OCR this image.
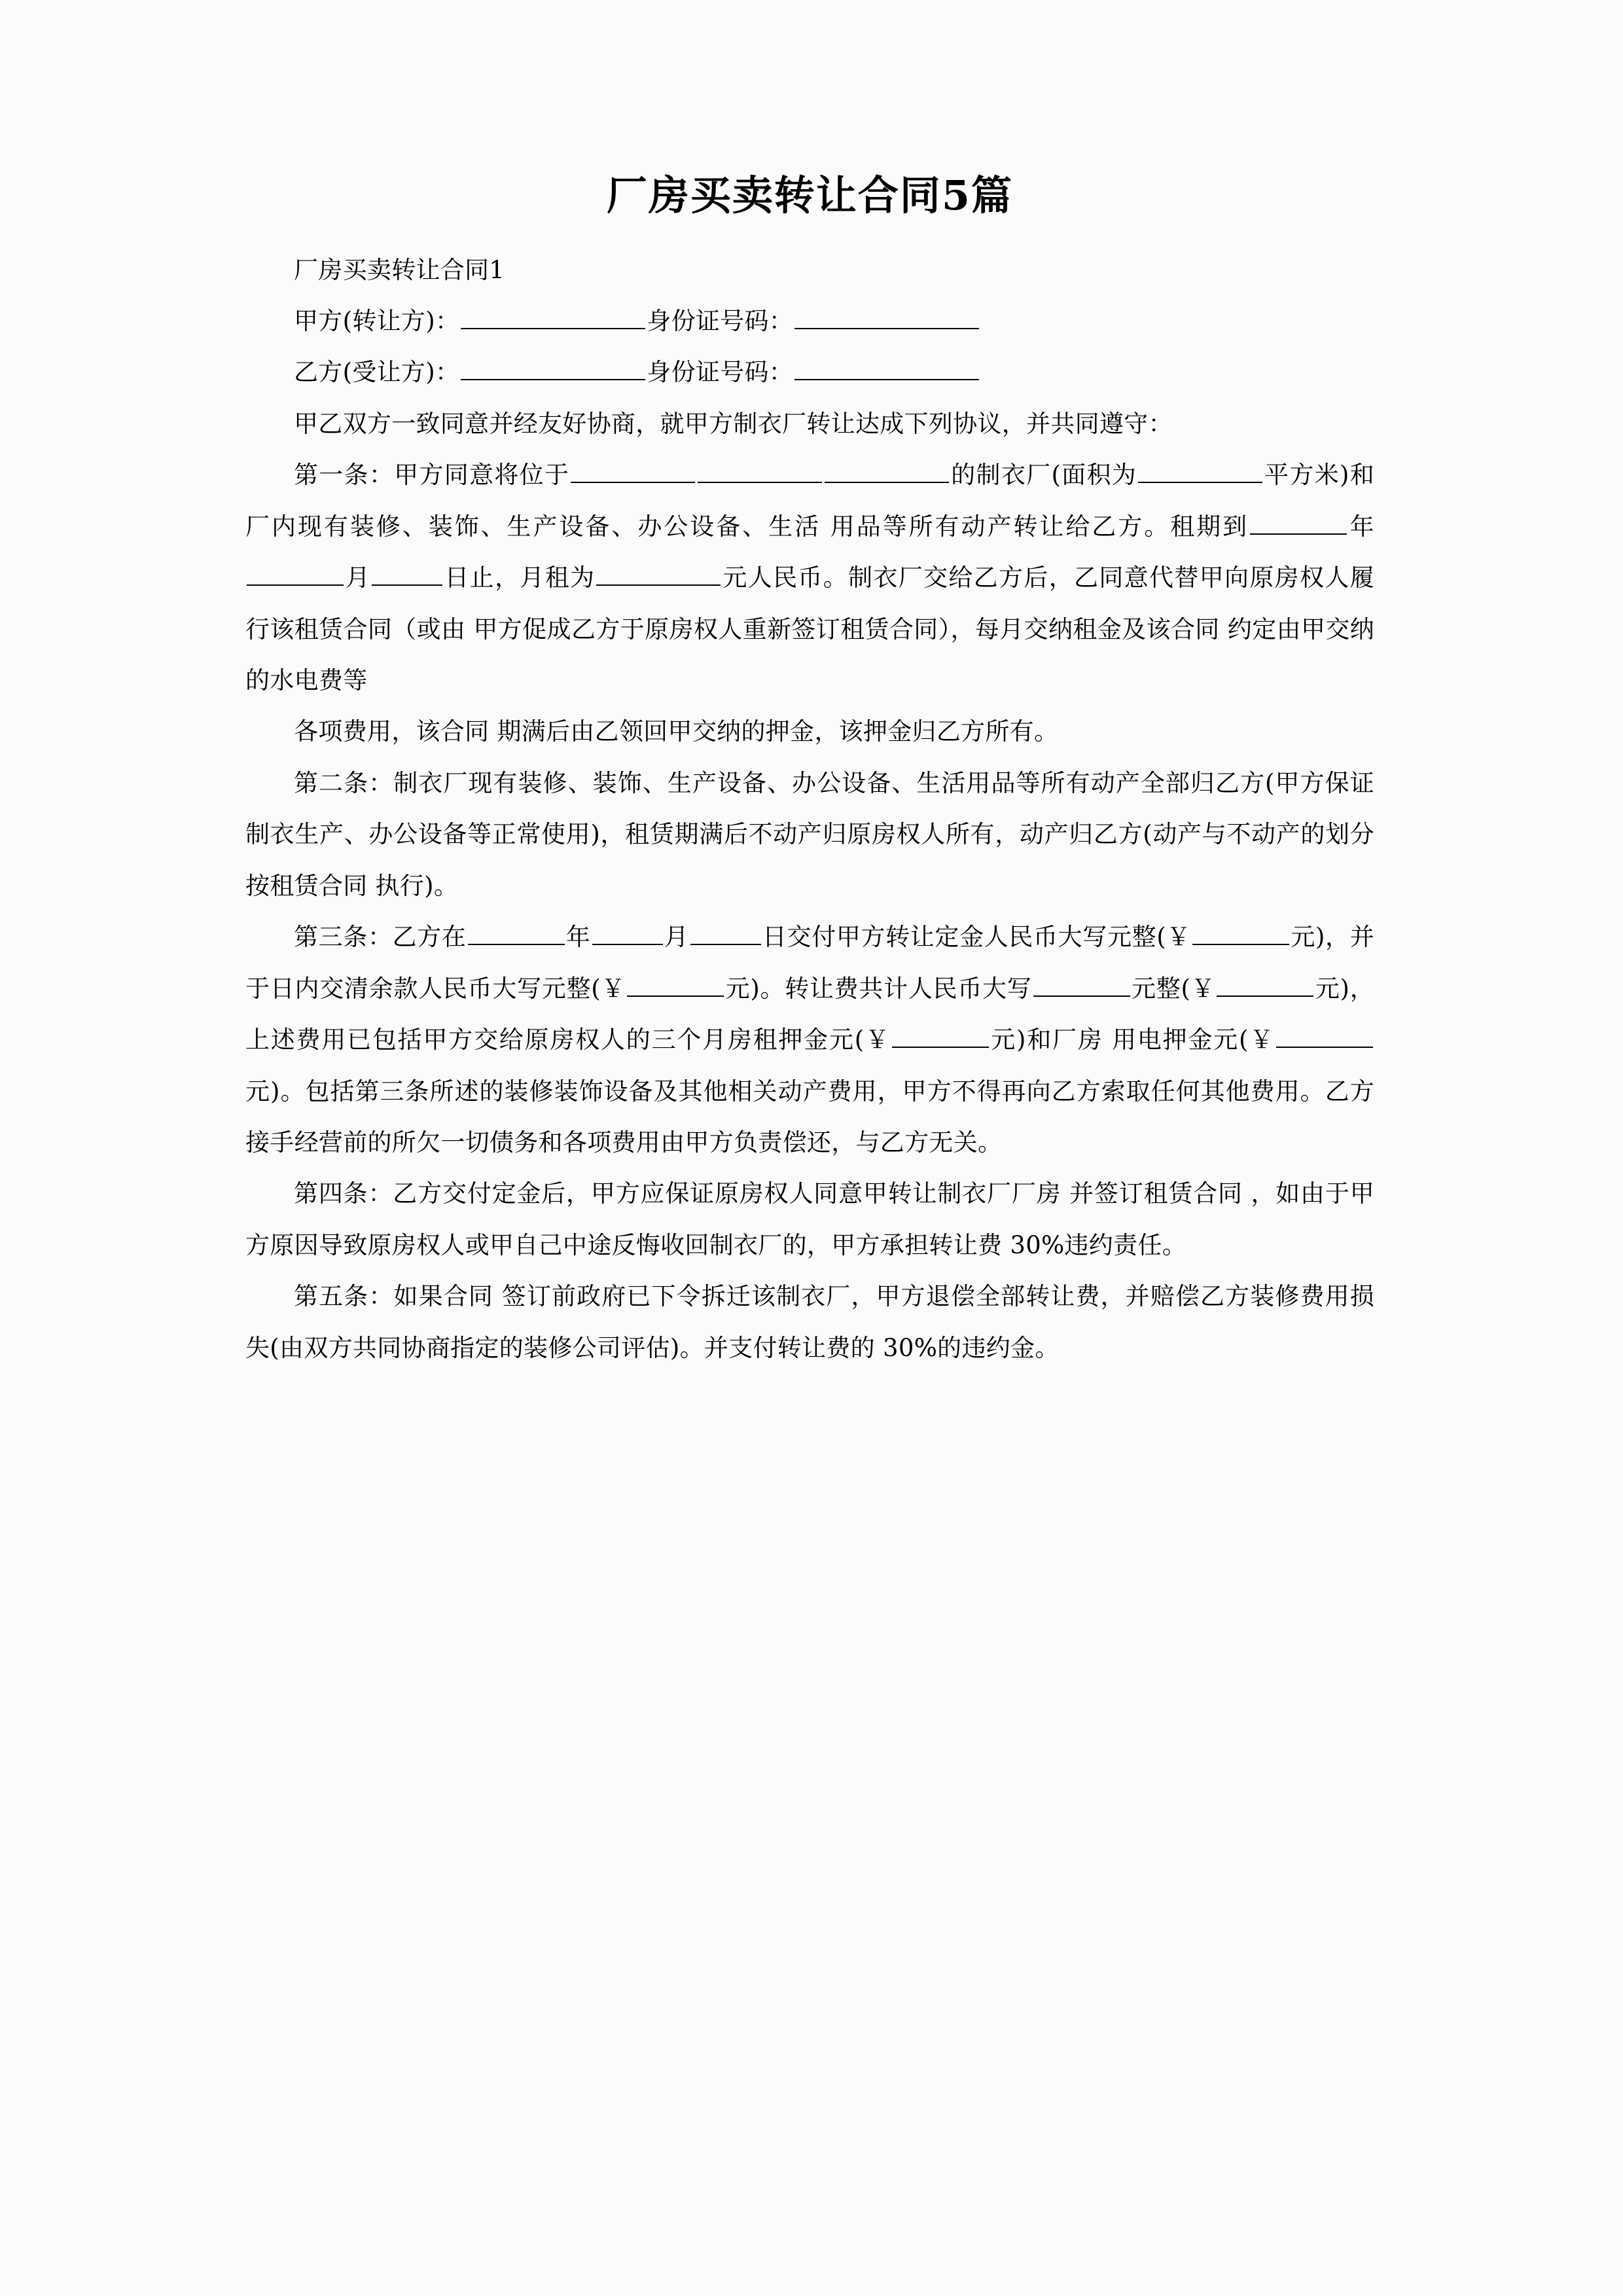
厂房买卖转让合同5篇

厂房买卖转让合同1

甲方(转让方)：	身份证号码：

乙方(受让方)：	身份证号码：

甲乙双方一致同意并经友好协商，就甲方制衣厂转让达成下列协议，并共同遵守：

第一条：甲方同意将位于	的制衣厂(面积为	平方米)和厂内现有装修、装饰、生产设备、办公设备、生活 用品等所有动产转让给乙方。租期到	年月	日止，月租为	元人民币。制衣厂交给乙方后，乙同意代替甲向原房权人履行该租赁合同（或由 甲方促成乙方于原房权人重新签订租赁合同），每月交纳租金及该合同 约定由甲交纳的水电费等

各项费用，该合同 期满后由乙领回甲交纳的押金，该押金归乙方所有。

第二条：制衣厂现有装修、装饰、生产设备、办公设备、生活用品等所有动产全部归乙方(甲方保证制衣生产、办公设备等正常使用)，租赁期满后不动产归原房权人所有，动产归乙方(动产与不动产的划分按租赁合同 执行)。

第三条：乙方在	年	月	日交付甲方转让定金人民币大写元整(￥	元)，并于日内交清余款人民币大写元整(￥	元)。转让费共计人民币大写	元整(￥	元)，上述费用已包括甲方交给原房权人的三个月房租押金元(￥	元)和厂房 用电押金元(￥元)。包括第三条所述的装修装饰设备及其他相关动产费用，甲方不得再向乙方索取任何其他费用。乙方接手经营前的所欠一切债务和各项费用由甲方负责偿还，与乙方无关。

第四条：乙方交付定金后，甲方应保证原房权人同意甲转让制衣厂厂房 并签订租赁合同 ，如由于甲方原因导致原房权人或甲自己中途反悔收回制衣厂的，甲方承担转让费 30%违约责任。

第五条：如果合同 签订前政府已下令拆迁该制衣厂，甲方退偿全部转让费，并赔偿乙方装修费用损失(由双方共同协商指定的装修公司评估)。并支付转让费的 30%的违约金。
